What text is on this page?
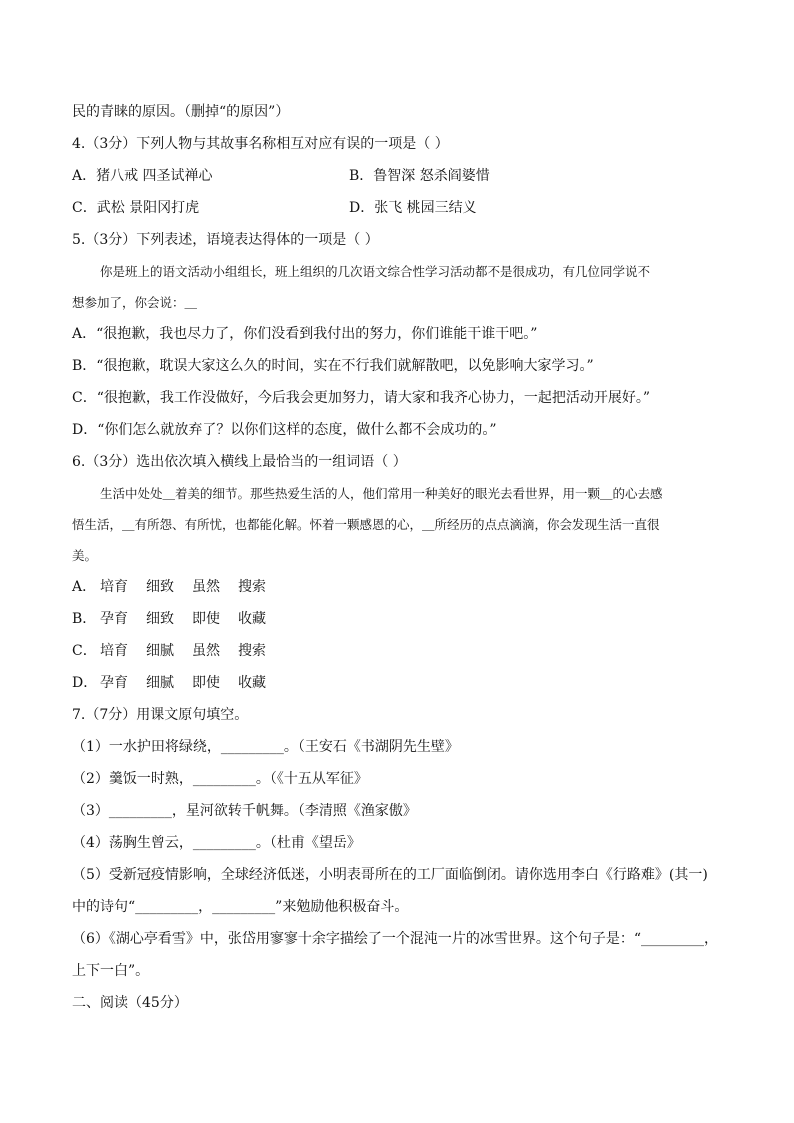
民的青睐的原因。（删掉“的原因”）
4.（3分）下列人物与其故事名称相互对应有误的一项是（ ）
A．猪八戒 四圣试禅心	B．鲁智深 怒杀阎婆惜
C．武松 景阳冈打虎	D．张飞 桃园三结义
5.（3分）下列表述，语境表达得体的一项是（ ）
你是班上的语文活动小组组长，班上组织的几次语文综合性学习活动都不是很成功，有几位同学说不
想参加了，你会说：＿
A．“很抱歉，我也尽力了，你们没看到我付出的努力，你们谁能干谁干吧。”
B．“很抱歉，耽误大家这么久的时间，实在不行我们就解散吧，以免影响大家学习。”
C．“很抱歉，我工作没做好，今后我会更加努力，请大家和我齐心协力，一起把活动开展好。”
D．“你们怎么就放弃了？以你们这样的态度，做什么都不会成功的。”
6.（3分）选出依次填入横线上最恰当的一组词语（ ）
生活中处处＿着美的细节。那些热爱生活的人，他们常用一种美好的眼光去看世界，用一颗＿的心去感
悟生活，＿有所怨、有所忧，也都能化解。怀着一颗感恩的心，＿所经历的点点滴滴，你会发现生活一直很
美。
A． 培育 细致 虽然 搜索
B． 孕育 细致 即使 收藏
C． 培育 细腻 虽然 搜索
D． 孕育 细腻 即使 收藏
7.（7分）用课文原句填空。
（1）一水护田将绿绕，_________。（王安石《书湖阴先生壁》
（2）羹饭一时熟，_________。（《十五从军征》
（3）_________，星河欲转千帆舞。（李清照《渔家傲》
（4）荡胸生曾云，_________。（杜甫《望岳》
（5）受新冠疫情影响，全球经济低迷，小明表哥所在的工厂面临倒闭。请你选用李白《行路难》(其一)
中的诗句“_________，_________”来勉励他积极奋斗。
（6）《湖心亭看雪》中，张岱用寥寥十余字描绘了一个混沌一片的冰雪世界。这个句子是：“_________，
上下一白”。
二、阅读（45分）
